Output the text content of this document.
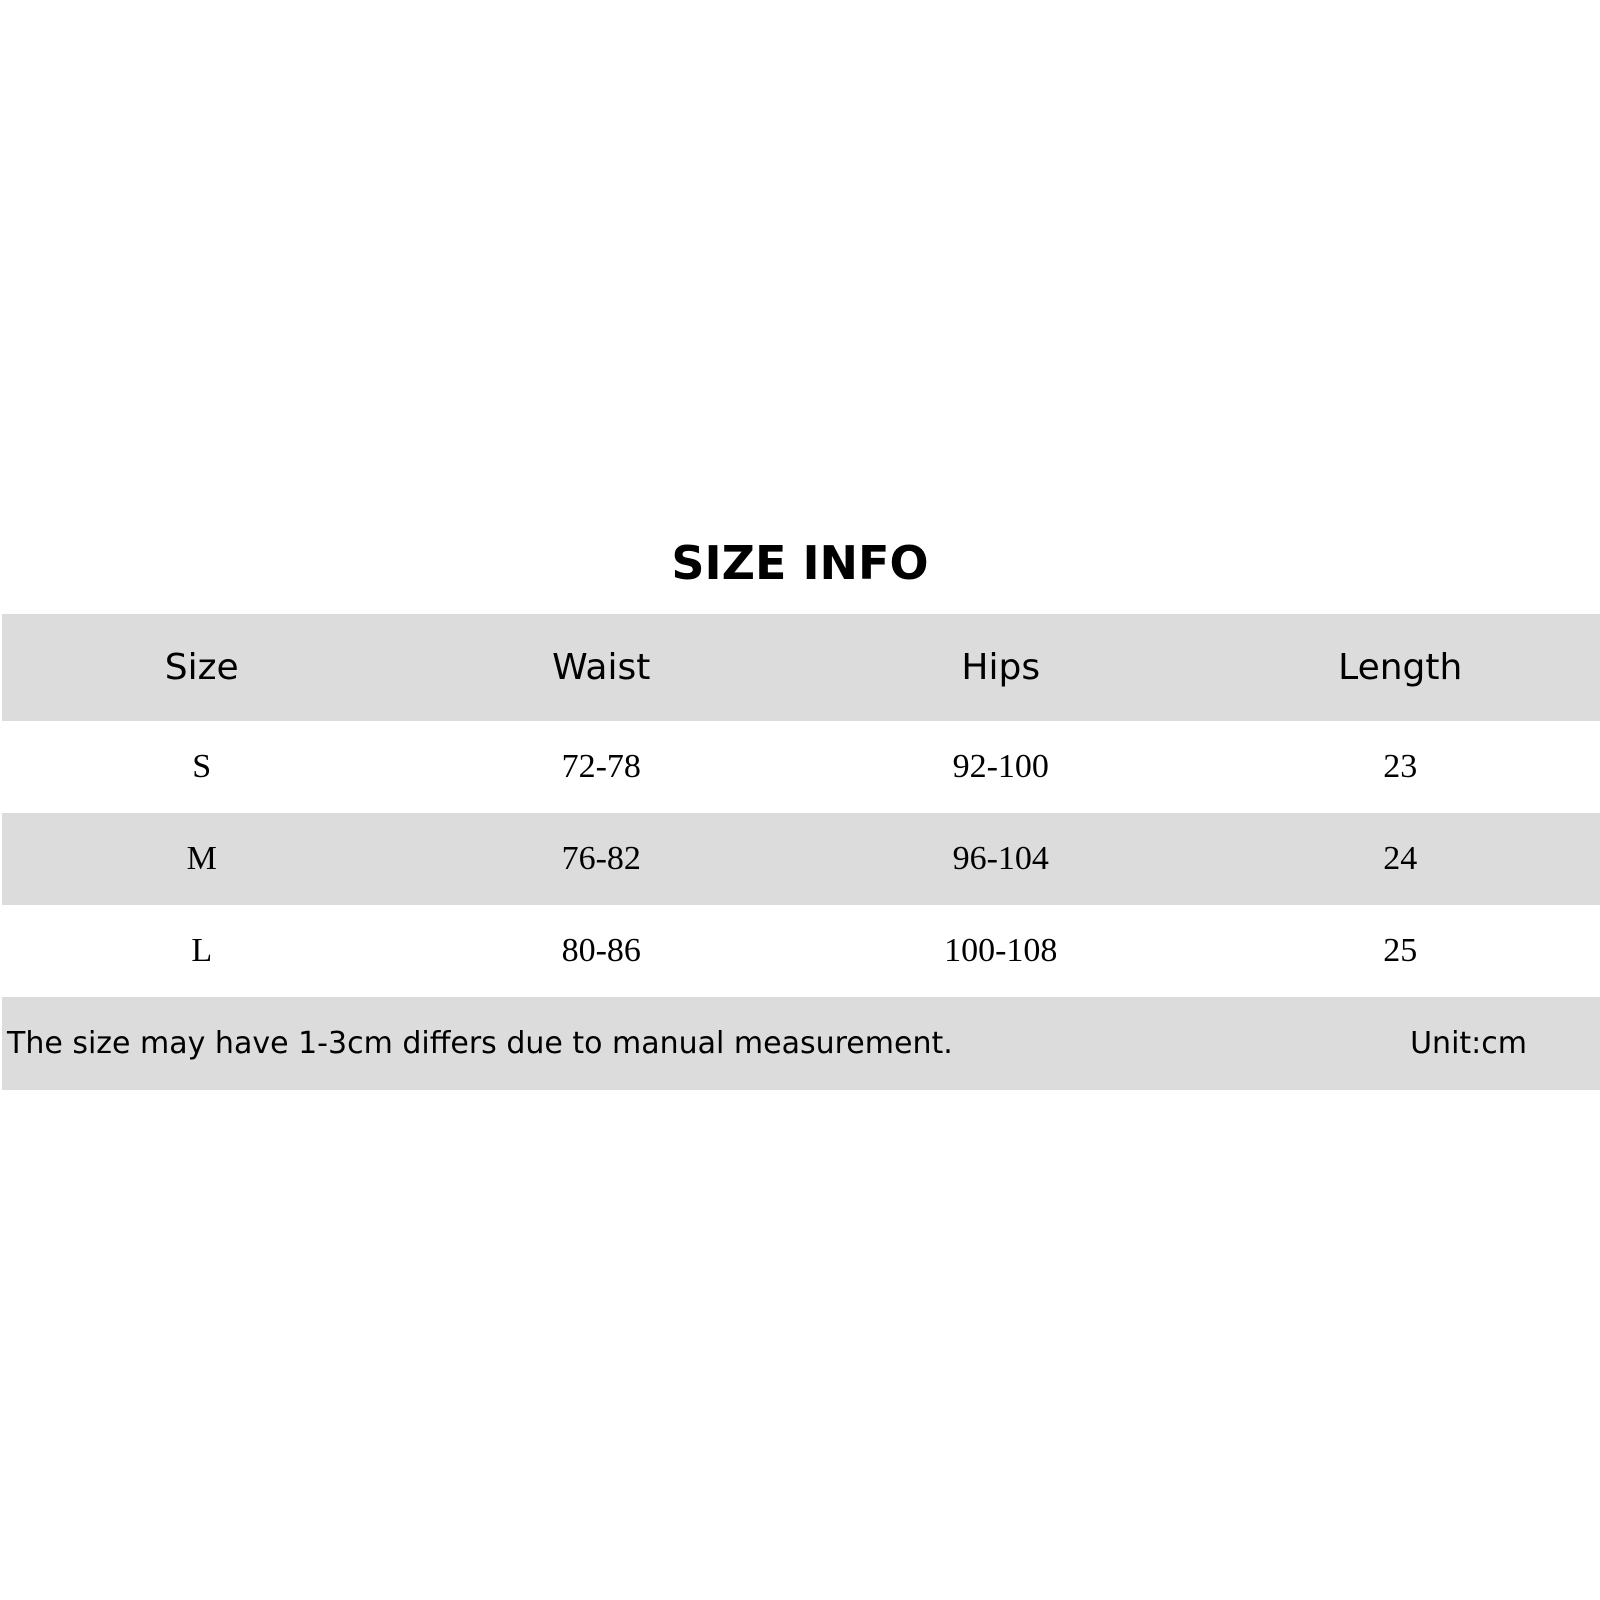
SIZE INFO
Size	Waist	Hips	Length
S	72-78	92-100	23
M	76-82	96-104	24
L	80-86	100-108	25
The size may have 1-3cm differs due to manual measurement.	Unit:cm
